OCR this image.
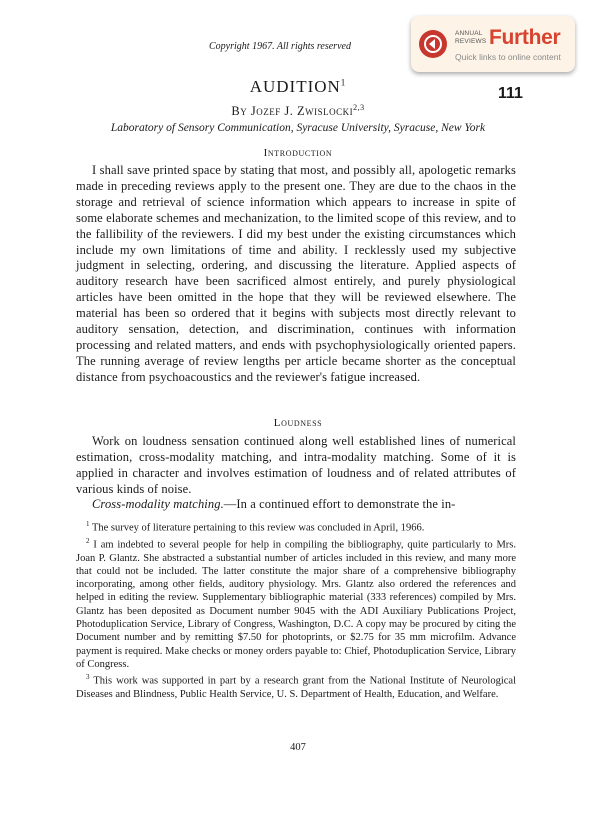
Copyright 1967. All rights reserved
ANNUAL
REVIEWS Further
Quick links to online content
111
AUDITION$^1$
By Jozef J. Zwislocki$^{2,3}$
Laboratory of Sensory Communication, Syracuse University, Syracuse, New York
Introduction

I shall save printed space by stating that most, and possibly all, apologetic remarks made in preceding reviews apply to the present one. They are due to the chaos in the storage and retrieval of science information which appears to increase in spite of some elaborate schemes and mechanization, to the limited scope of this review, and to the fallibility of the reviewers. I did my best under the existing circumstances which include my own limitations of time and ability. I recklessly used my subjective judgment in selecting, ordering, and discussing the literature. Applied aspects of auditory research have been sacrificed almost entirely, and purely physiological articles have been omitted in the hope that they will be reviewed elsewhere. The material has been so ordered that it begins with subjects most directly relevant to auditory sensation, detection, and discrimination, continues with information processing and related matters, and ends with psychophysiologically oriented papers. The running average of review lengths per article became shorter as the conceptual distance from psychoacoustics and the reviewer's fatigue increased.

Loudness

Work on loudness sensation continued along well established lines of numerical estimation, cross-modality matching, and intra-modality matching. Some of it is applied in character and involves estimation of loudness and of related attributes of various kinds of noise.

Cross-modality matching.—In a continued effort to demonstrate the in-

$^1$ The survey of literature pertaining to this review was concluded in April, 1966.

$^2$ I am indebted to several people for help in compiling the bibliography, quite particularly to Mrs. Joan P. Glantz. She abstracted a substantial number of articles included in this review, and many more that could not be included. The latter constitute the major share of a comprehensive bibliography incorporating, among other fields, auditory physiology. Mrs. Glantz also ordered the references and helped in editing the review. Supplementary bibliographic material (333 references) compiled by Mrs. Glantz has been deposited as Document number 9045 with the ADI Auxiliary Publications Project, Photoduplication Service, Library of Congress, Washington, D.C. A copy may be procured by citing the Document number and by remitting $7.50 for photoprints, or $2.75 for 35 mm microfilm. Advance payment is required. Make checks or money orders payable to: Chief, Photoduplication Service, Library of Congress.

$^3$ This work was supported in part by a research grant from the National Institute of Neurological Diseases and Blindness, Public Health Service, U. S. Department of Health, Education, and Welfare.

407
